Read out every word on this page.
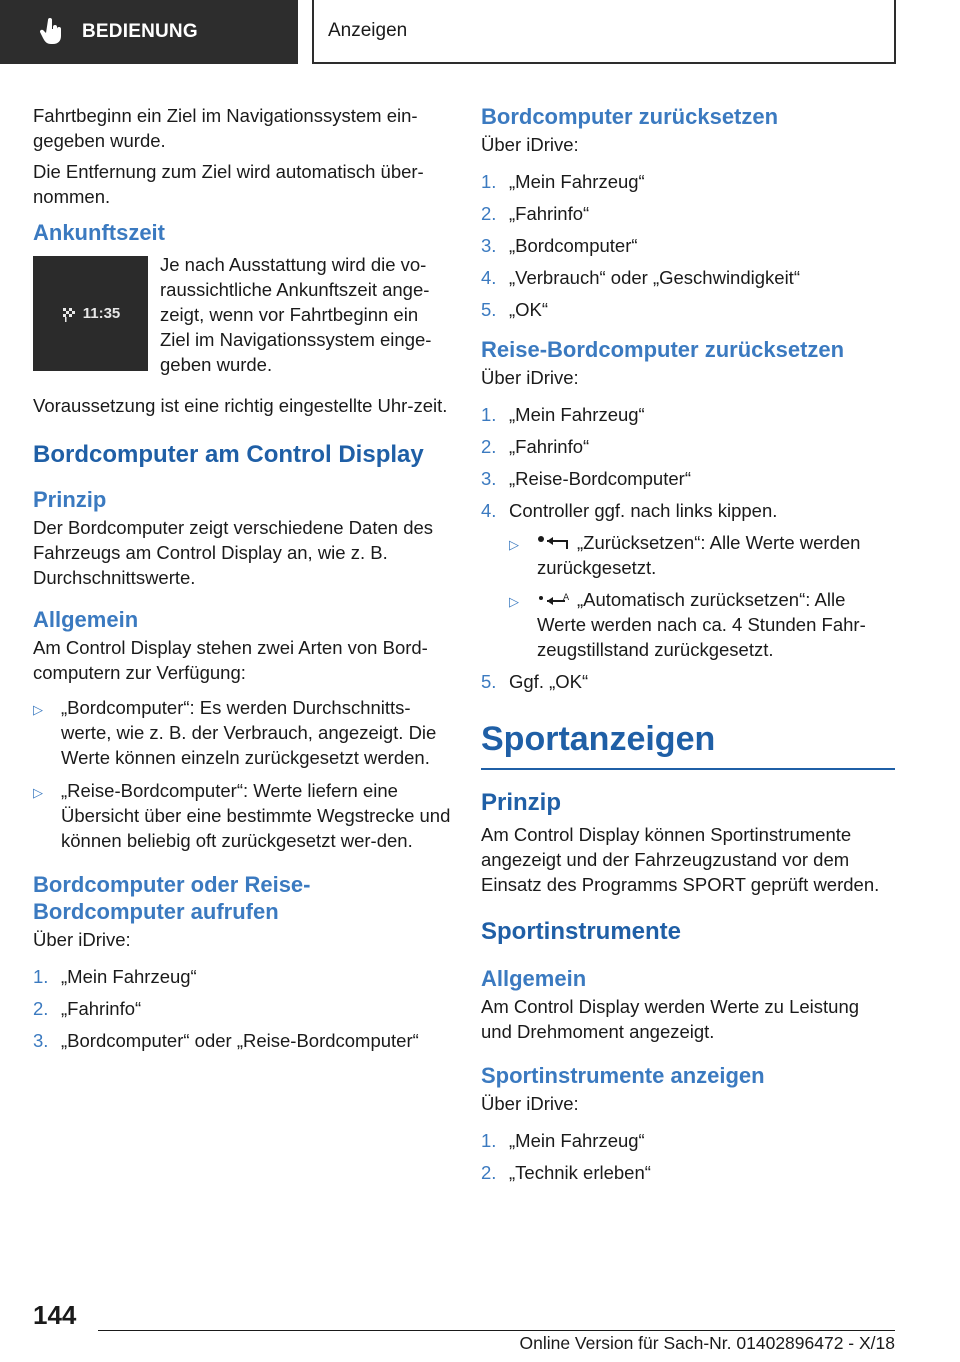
BEDIENUNG	Anzeigen

Fahrtbeginn ein Ziel im Navigationssystem ein-gegeben wurde.

Die Entfernung zum Ziel wird automatisch über-nommen.

Ankunftszeit
11:35
Je nach Ausstattung wird die vo-raussichtliche Ankunftszeit ange-zeigt, wenn vor Fahrtbeginn ein Ziel im Navigationssystem einge-geben wurde.

Voraussetzung ist eine richtig eingestellte Uhr-zeit.

Bordcomputer am Control Display
Prinzip

Der Bordcomputer zeigt verschiedene Daten des Fahrzeugs am Control Display an, wie z. B. Durchschnittswerte.

Allgemein

Am Control Display stehen zwei Arten von Bord-computern zur Verfügung:

▷ „Bordcomputer“: Es werden Durchschnitts-werte, wie z. B. der Verbrauch, angezeigt. Die Werte können einzeln zurückgesetzt werden.
▷ „Reise-Bordcomputer“: Werte liefern eine Übersicht über eine bestimmte Wegstrecke und können beliebig oft zurückgesetzt wer-den.
Bordcomputer oder Reise-Bordcomputer aufrufen

Über iDrive:

1. „Mein Fahrzeug“
2. „Fahrinfo“
3. „Bordcomputer“ oder „Reise-Bordcomputer“
Bordcomputer zurücksetzen

Über iDrive:

1. „Mein Fahrzeug“
2. „Fahrinfo“
3. „Bordcomputer“
4. „Verbrauch“ oder „Geschwindigkeit“
5. „OK“
Reise-Bordcomputer zurücksetzen

Über iDrive:

1. „Mein Fahrzeug“
2. „Fahrinfo“
3. „Reise-Bordcomputer“
4. Controller ggf. nach links kippen.
▷	„Zurücksetzen“: Alle Werte werden zurückgesetzt.
▷	A „Automatisch zurücksetzen“: Alle Werte werden nach ca. 4 Stunden Fahr-zeugstillstand zurückgesetzt.
5. Ggf. „OK“
Sportanzeigen
Prinzip

Am Control Display können Sportinstrumente angezeigt und der Fahrzeugzustand vor dem Einsatz des Programms SPORT geprüft werden.

Sportinstrumente
Allgemein

Am Control Display werden Werte zu Leistung und Drehmoment angezeigt.

Sportinstrumente anzeigen

Über iDrive:

1. „Mein Fahrzeug“
2. „Technik erleben“
144
Online Version für Sach-Nr. 01402896472 - X/18
